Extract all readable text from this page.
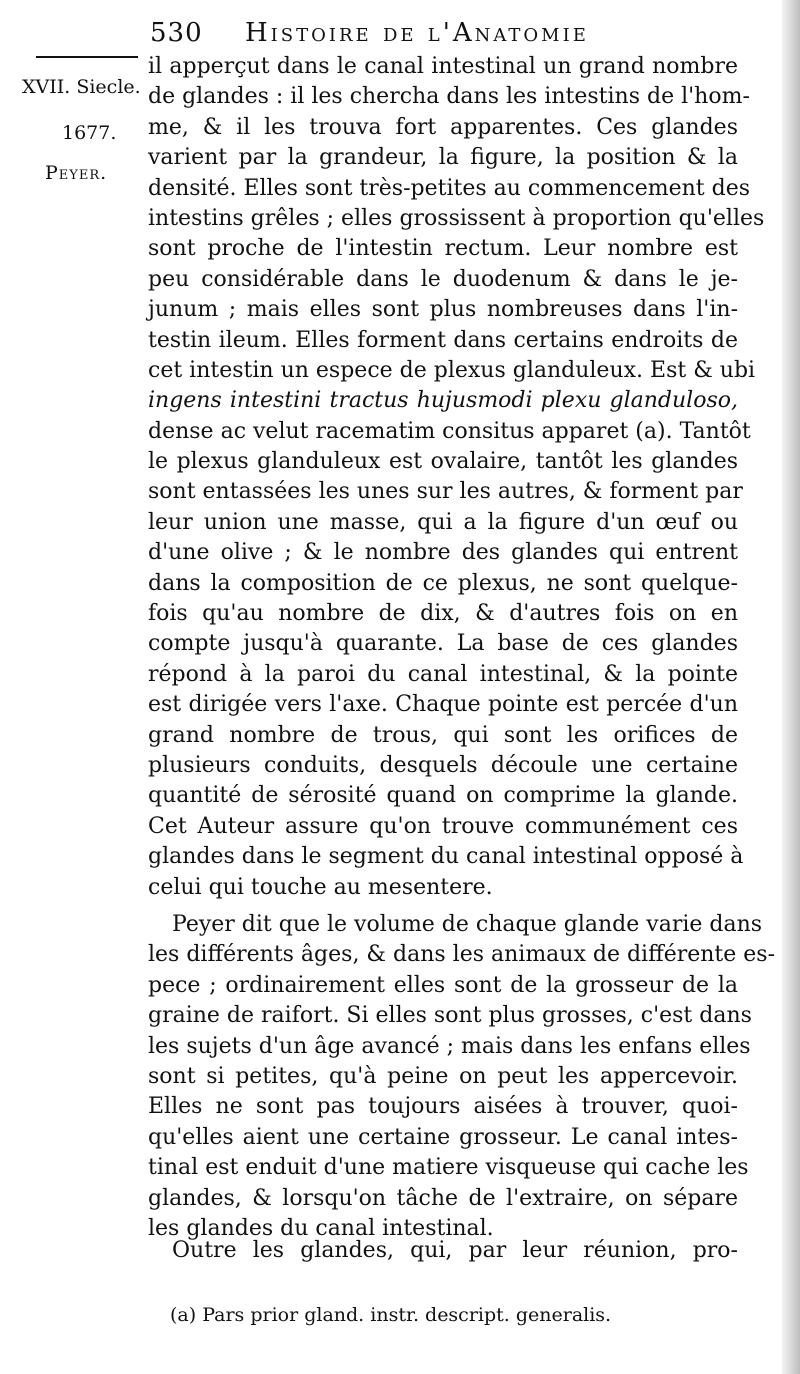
530 Histoire de l'Anatomie
XVII. Siecle.
1677.
Peyer.
il apperçut dans le canal intestinal un grand nombre
de glandes : il les chercha dans les intestins de l'hom-
me, & il les trouva fort apparentes. Ces glandes
varient par la grandeur, la figure, la position & la
densité. Elles sont très-petites au commencement des
intestins grêles ; elles grossissent à proportion qu'elles
sont proche de l'intestin rectum. Leur nombre est
peu considérable dans le duodenum & dans le je-
junum ; mais elles sont plus nombreuses dans l'in-
testin ileum. Elles forment dans certains endroits de
cet intestin un espece de plexus glanduleux. Est & ubi
ingens intestini tractus hujusmodi plexu glanduloso,
dense ac velut racematim consitus apparet (a). Tantôt
le plexus glanduleux est ovalaire, tantôt les glandes
sont entassées les unes sur les autres, & forment par
leur union une masse, qui a la figure d'un œuf ou
d'une olive ; & le nombre des glandes qui entrent
dans la composition de ce plexus, ne sont quelque-
fois qu'au nombre de dix, & d'autres fois on en
compte jusqu'à quarante. La base de ces glandes
répond à la paroi du canal intestinal, & la pointe
est dirigée vers l'axe. Chaque pointe est percée d'un
grand nombre de trous, qui sont les orifices de
plusieurs conduits, desquels découle une certaine
quantité de sérosité quand on comprime la glande.
Cet Auteur assure qu'on trouve communément ces
glandes dans le segment du canal intestinal opposé à
celui qui touche au mesentere.
Peyer dit que le volume de chaque glande varie dans
les différents âges, & dans les animaux de différente es-
pece ; ordinairement elles sont de la grosseur de la
graine de raifort. Si elles sont plus grosses, c'est dans
les sujets d'un âge avancé ; mais dans les enfans elles
sont si petites, qu'à peine on peut les appercevoir.
Elles ne sont pas toujours aisées à trouver, quoi-
qu'elles aient une certaine grosseur. Le canal intes-
tinal est enduit d'une matiere visqueuse qui cache les
glandes, & lorsqu'on tâche de l'extraire, on sépare
les glandes du canal intestinal.
Outre les glandes, qui, par leur réunion, pro-
(a) Pars prior gland. instr. descript. generalis.
